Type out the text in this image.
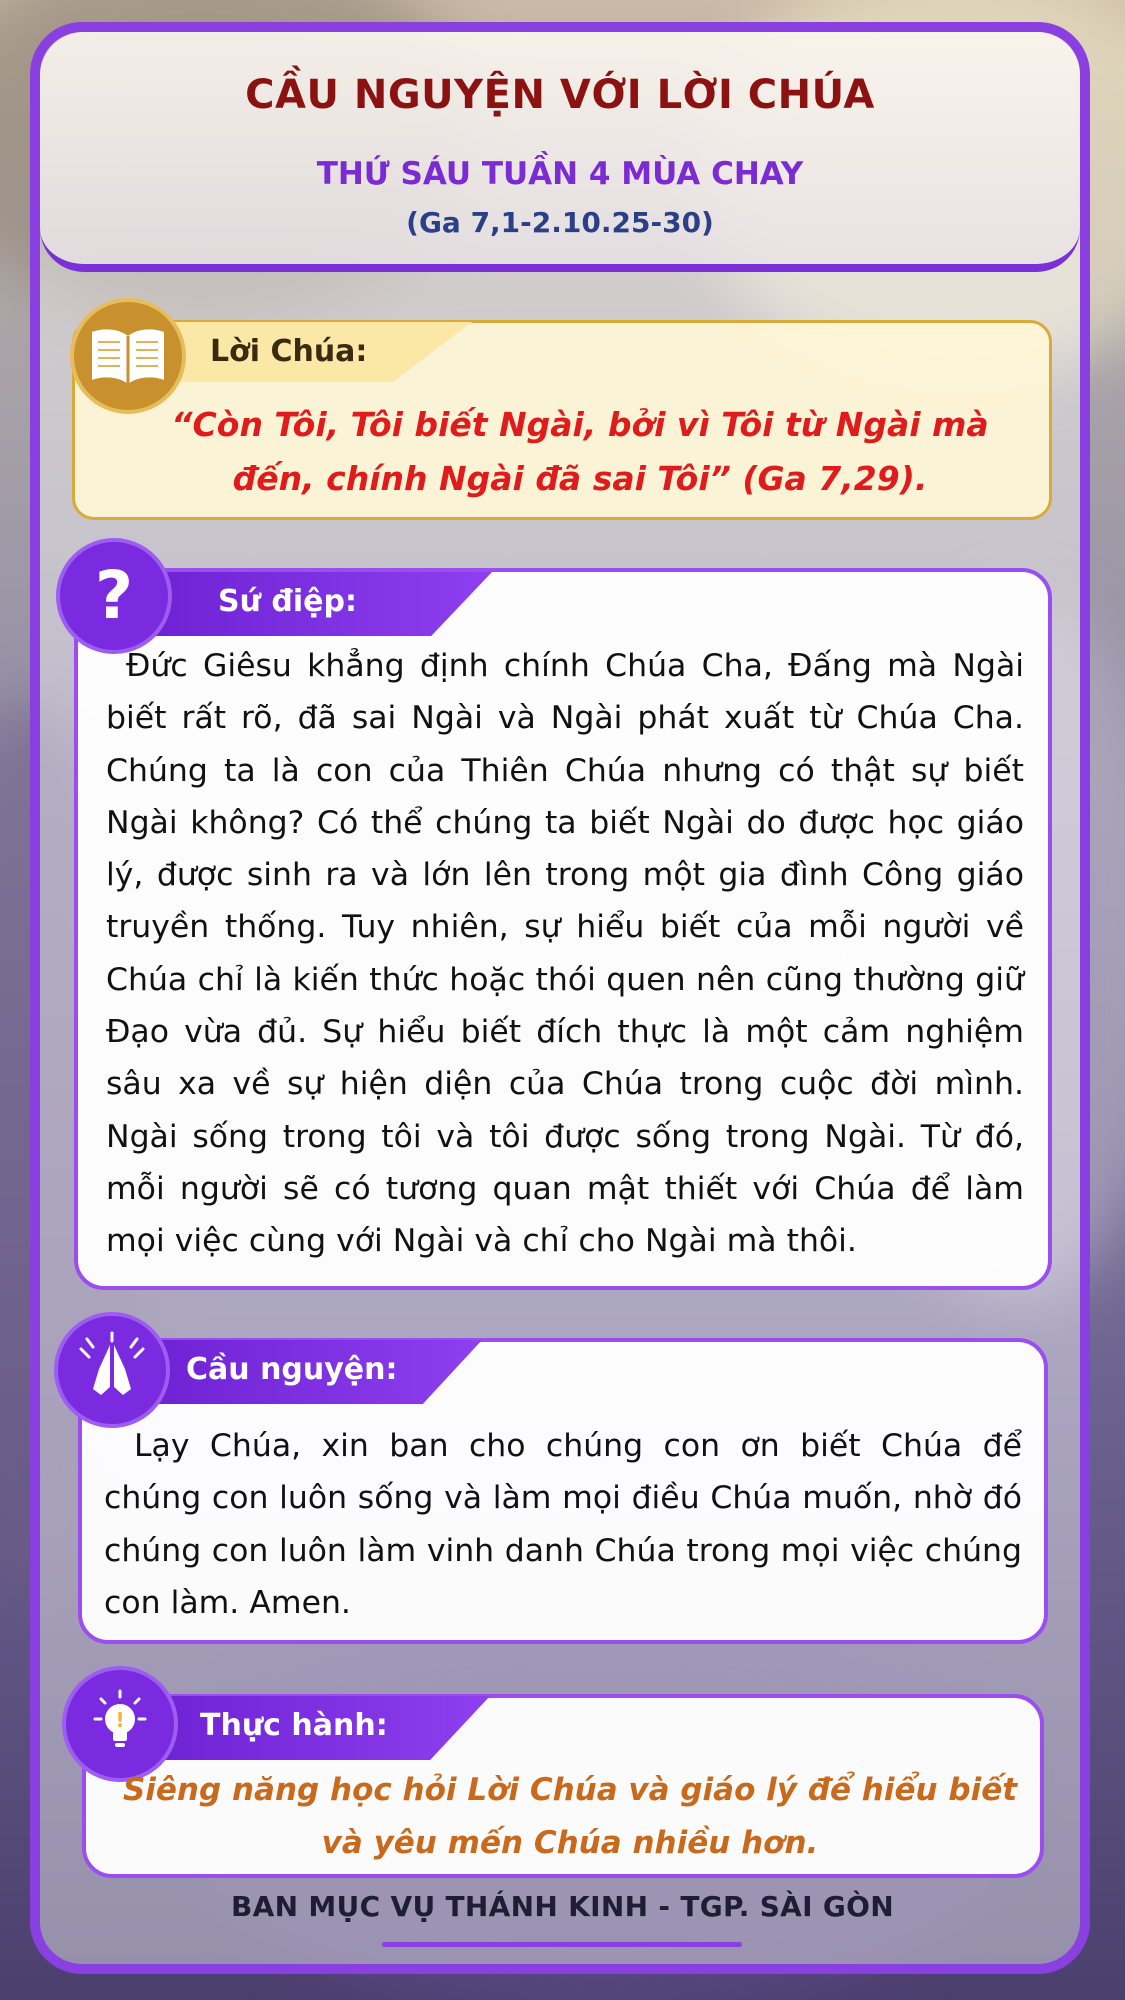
CẦU NGUYỆN VỚI LỜI CHÚA
THỨ SÁU TUẦN 4 MÙA CHAY
(Ga 7,1-2.10.25-30)
Lời Chúa:
“Còn Tôi, Tôi biết Ngài, bởi vì Tôi từ Ngài mà đến, chính Ngài đã sai Tôi” (Ga 7,29).
Sứ điệp:
?
Đức Giêsu khẳng định chính Chúa Cha, Đấng mà Ngài biết rất rõ, đã sai Ngài và Ngài phát xuất từ Chúa Cha. Chúng ta là con của Thiên Chúa nhưng có thật sự biết Ngài không? Có thể chúng ta biết Ngài do được học giáo lý, được sinh ra và lớn lên trong một gia đình Công giáo truyền thống. Tuy nhiên, sự hiểu biết của mỗi người về Chúa chỉ là kiến thức hoặc thói quen nên cũng thường giữ Đạo vừa đủ. Sự hiểu biết đích thực là một cảm nghiệm sâu xa về sự hiện diện của Chúa trong cuộc đời mình. Ngài sống trong tôi và tôi được sống trong Ngài. Từ đó, mỗi người sẽ có tương quan mật thiết với Chúa để làm mọi việc cùng với Ngài và chỉ cho Ngài mà thôi.
Cầu nguyện:
Lạy Chúa, xin ban cho chúng con ơn biết Chúa để chúng con luôn sống và làm mọi điều Chúa muốn, nhờ đó chúng con luôn làm vinh danh Chúa trong mọi việc chúng con làm. Amen.
Thực hành:
!
Siêng năng học hỏi Lời Chúa và giáo lý để hiểu biết và yêu mến Chúa nhiều hơn.
BAN MỤC VỤ THÁNH KINH - TGP. SÀI GÒN
